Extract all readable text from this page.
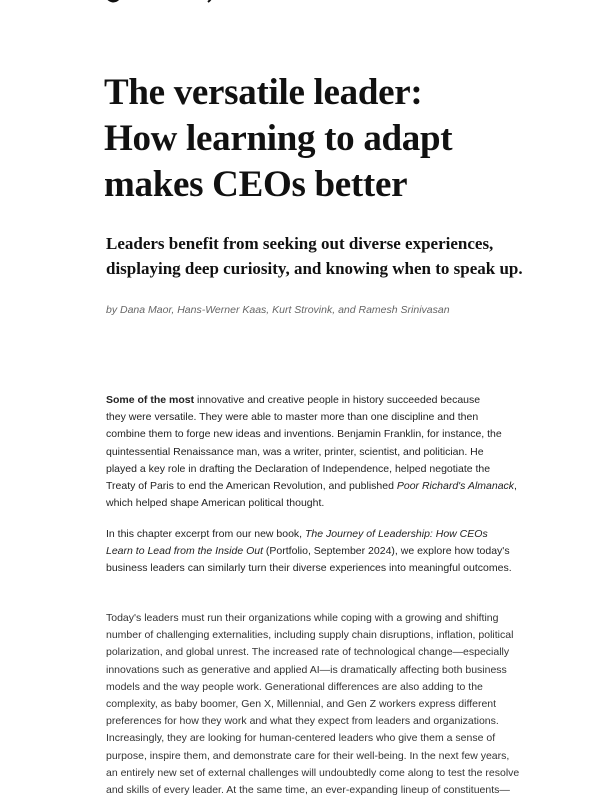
The versatile leader:
How learning to adapt
makes CEOs better
Leaders benefit from seeking out diverse experiences,
displaying deep curiosity, and knowing when to speak up.
by Dana Maor, Hans-Werner Kaas, Kurt Strovink, and Ramesh Srinivasan
Some of the most innovative and creative people in history succeeded because
they were versatile. They were able to master more than one discipline and then
combine them to forge new ideas and inventions. Benjamin Franklin, for instance, the
quintessential Renaissance man, was a writer, printer, scientist, and politician. He
played a key role in drafting the Declaration of Independence, helped negotiate the
Treaty of Paris to end the American Revolution, and published Poor Richard's Almanack,
which helped shape American political thought.
In this chapter excerpt from our new book, The Journey of Leadership: How CEOs
Learn to Lead from the Inside Out (Portfolio, September 2024), we explore how today's
business leaders can similarly turn their diverse experiences into meaningful outcomes.
Today's leaders must run their organizations while coping with a growing and shifting
number of challenging externalities, including supply chain disruptions, inflation, political
polarization, and global unrest. The increased rate of technological change—especially
innovations such as generative and applied AI—is dramatically affecting both business
models and the way people work. Generational differences are also adding to the
complexity, as baby boomer, Gen X, Millennial, and Gen Z workers express different
preferences for how they work and what they expect from leaders and organizations.
Increasingly, they are looking for human-centered leaders who give them a sense of
purpose, inspire them, and demonstrate care for their well-being. In the next few years,
an entirely new set of external challenges will undoubtedly come along to test the resolve
and skills of every leader. At the same time, an ever-expanding lineup of constituents—
